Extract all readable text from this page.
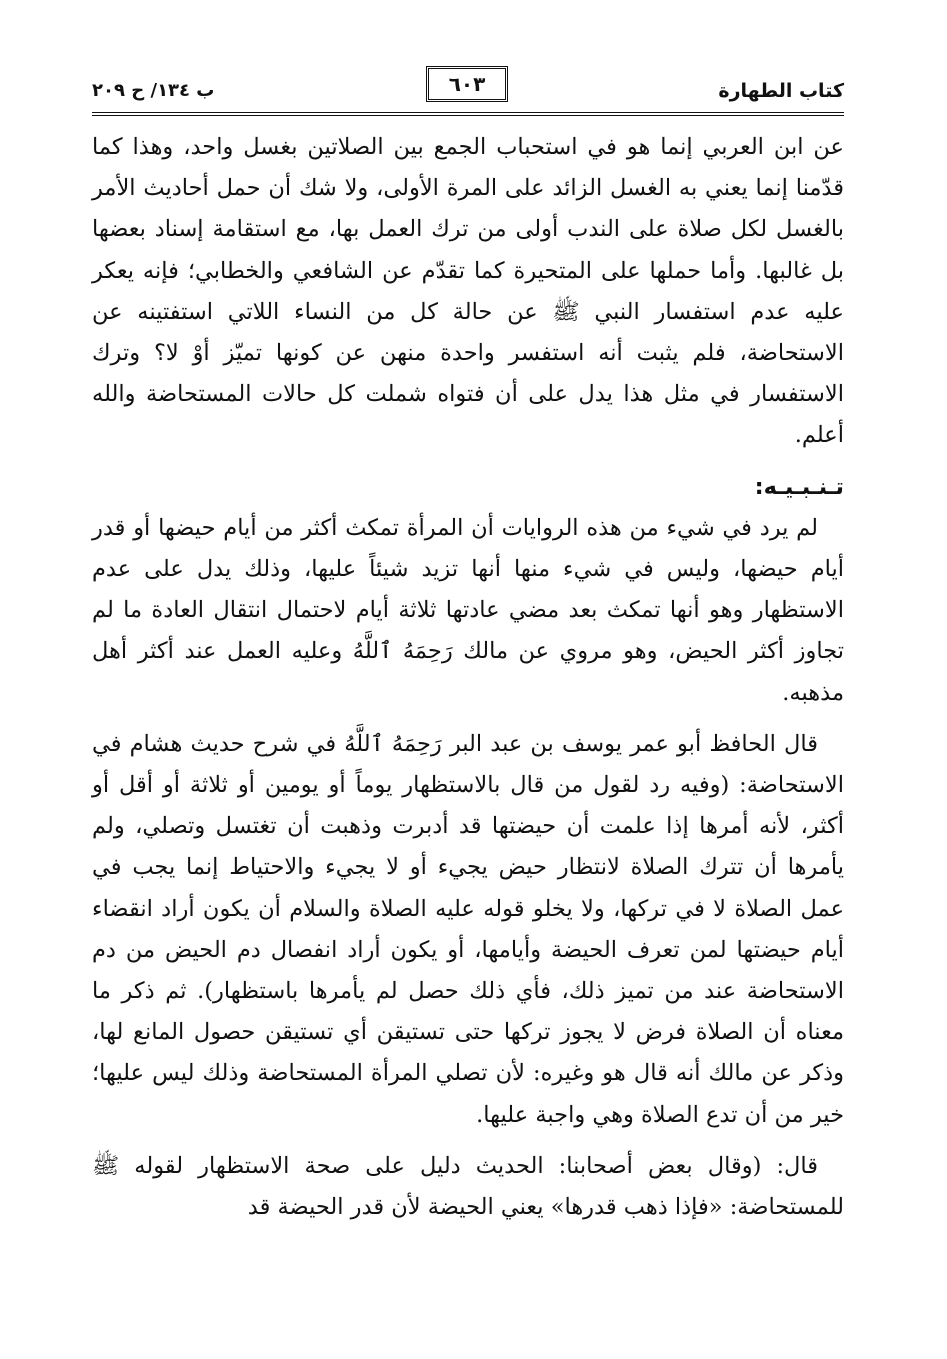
كتاب الطهارة
٦٠٣
ب ١٣٤/ ح ٢٠٩

عن ابن العربي إنما هو في استحباب الجمع بين الصلاتين بغسل واحد، وهذا كما قدّمنا إنما يعني به الغسل الزائد على المرة الأولى، ولا شك أن حمل أحاديث الأمر بالغسل لكل صلاة على الندب أولى من ترك العمل بها، مع استقامة إسناد بعضها بل غالبها. وأما حملها على المتحيرة كما تقدّم عن الشافعي والخطابي؛ فإنه يعكر عليه عدم استفسار النبي ﷺ عن حالة كل من النساء اللاتي استفتينه عن الاستحاضة، فلم يثبت أنه استفسر واحدة منهن عن كونها تميّز أوْ لا؟ وترك الاستفسار في مثل هذا يدل على أن فتواه شملت كل حالات المستحاضة والله أعلم.

تـنـبـيـه:

لم يرد في شيء من هذه الروايات أن المرأة تمكث أكثر من أيام حيضها أو قدر أيام حيضها، وليس في شيء منها أنها تزيد شيئاً عليها، وذلك يدل على عدم الاستظهار وهو أنها تمكث بعد مضي عادتها ثلاثة أيام لاحتمال انتقال العادة ما لم تجاوز أكثر الحيض، وهو مروي عن مالك رَحِمَهُ ٱللَّهُ وعليه العمل عند أكثر أهل مذهبه.

قال الحافظ أبو عمر يوسف بن عبد البر رَحِمَهُ ٱللَّهُ في شرح حديث هشام في الاستحاضة: (وفيه رد لقول من قال بالاستظهار يوماً أو يومين أو ثلاثة أو أقل أو أكثر، لأنه أمرها إذا علمت أن حيضتها قد أدبرت وذهبت أن تغتسل وتصلي، ولم يأمرها أن تترك الصلاة لانتظار حيض يجيء أو لا يجيء والاحتياط إنما يجب في عمل الصلاة لا في تركها، ولا يخلو قوله عليه الصلاة والسلام أن يكون أراد انقضاء أيام حيضتها لمن تعرف الحيضة وأيامها، أو يكون أراد انفصال دم الحيض من دم الاستحاضة عند من تميز ذلك، فأي ذلك حصل لم يأمرها باستظهار). ثم ذكر ما معناه أن الصلاة فرض لا يجوز تركها حتى تستيقن أي تستيقن حصول المانع لها، وذكر عن مالك أنه قال هو وغيره: لأن تصلي المرأة المستحاضة وذلك ليس عليها؛ خير من أن تدع الصلاة وهي واجبة عليها.

قال: (وقال بعض أصحابنا: الحديث دليل على صحة الاستظهار لقوله ﷺ للمستحاضة: «فإذا ذهب قدرها» يعني الحيضة لأن قدر الحيضة قد
